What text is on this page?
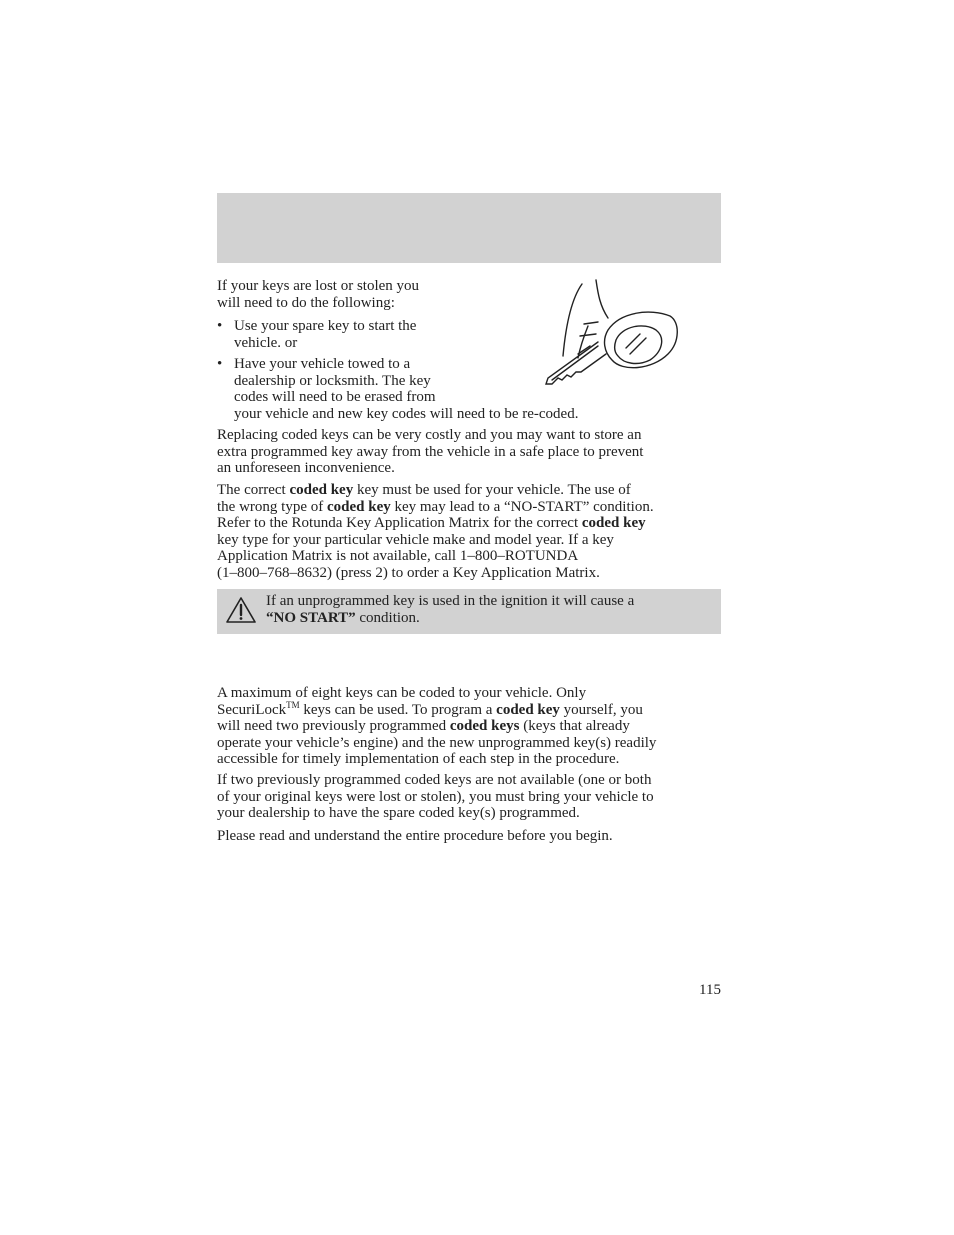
If your keys are lost or stolen you
will need to do the following:

• Use your spare key to start the
vehicle. or

• Have your vehicle towed to a
dealership or locksmith. The key
codes will need to be erased from
your vehicle and new key codes will need to be re-coded.

Replacing coded keys can be very costly and you may want to store an
extra programmed key away from the vehicle in a safe place to prevent
an unforeseen inconvenience.

The correct coded key key must be used for your vehicle. The use of
the wrong type of coded key key may lead to a “NO-START” condition.
Refer to the Rotunda Key Application Matrix for the correct coded key
key type for your particular vehicle make and model year. If a key
Application Matrix is not available, call 1–800–ROTUNDA
(1–800–768–8632) (press 2) to order a Key Application Matrix.

If an unprogrammed key is used in the ignition it will cause a
“NO START” condition.

A maximum of eight keys can be coded to your vehicle. Only
SecuriLock™ keys can be used. To program a coded key yourself, you
will need two previously programmed coded keys (keys that already
operate your vehicle’s engine) and the new unprogrammed key(s) readily
accessible for timely implementation of each step in the procedure.

If two previously programmed coded keys are not available (one or both
of your original keys were lost or stolen), you must bring your vehicle to
your dealership to have the spare coded key(s) programmed.

Please read and understand the entire procedure before you begin.

115
